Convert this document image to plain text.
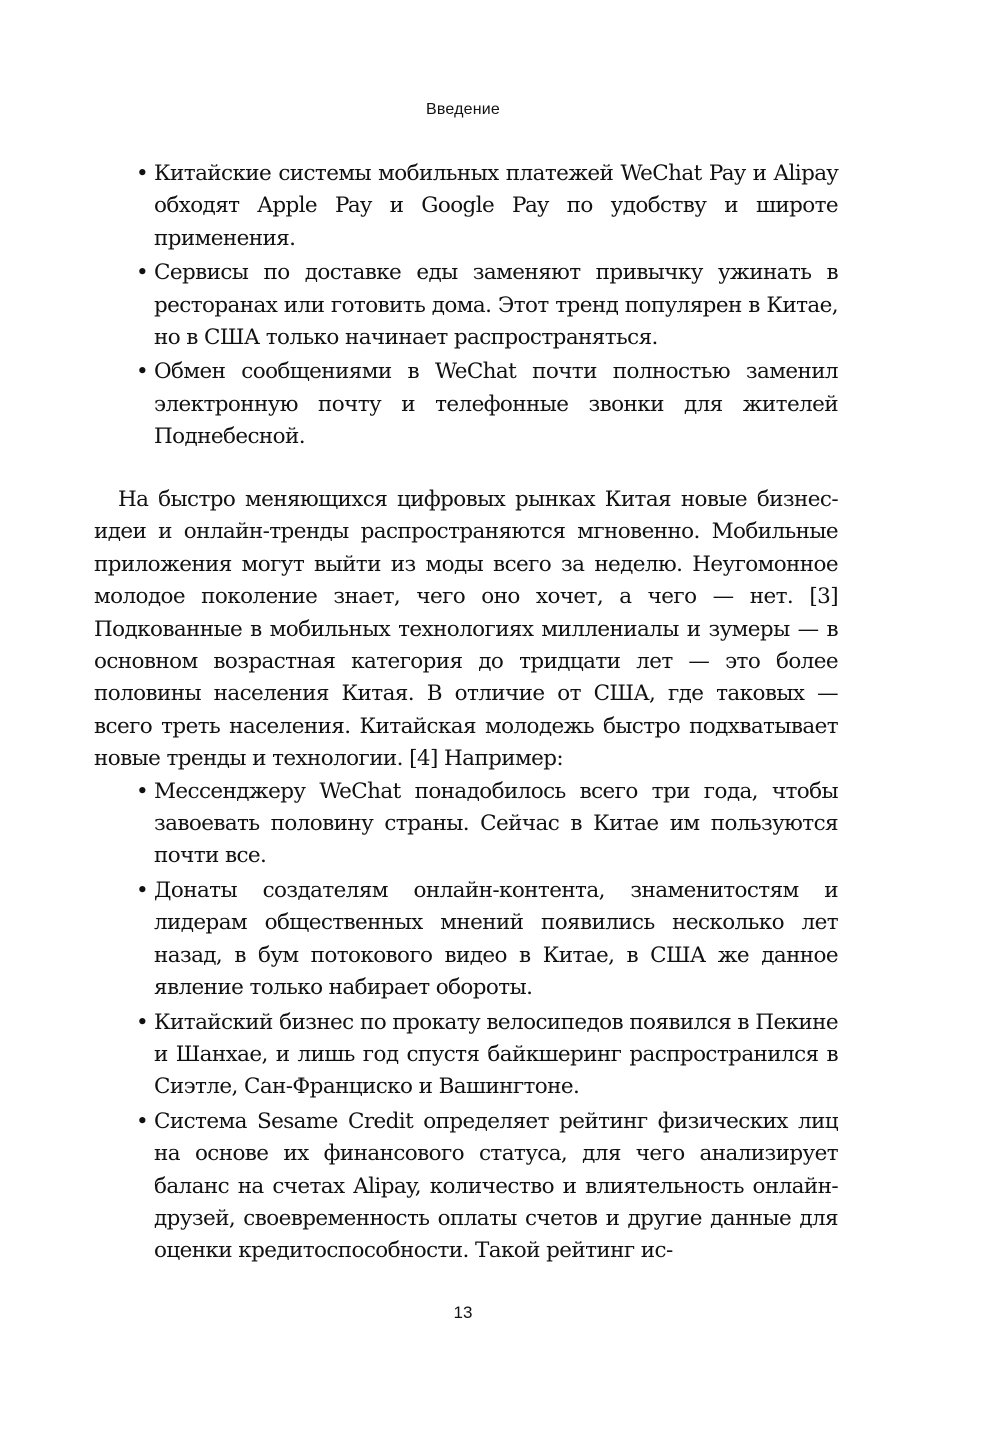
Введение
• Китайские системы мобильных платежей WeChat Pay и Alipay обходят Apple Pay и Google Pay по удобству и широте применения.
• Сервисы по доставке еды заменяют привычку ужинать в ресторанах или готовить дома. Этот тренд популярен в Китае, но в США только начинает распространяться.
• Обмен сообщениями в WeChat почти полностью заменил электронную почту и телефонные звонки для жителей Поднебесной.

На быстро меняющихся цифровых рынках Китая новые бизнес-идеи и онлайн-тренды распространяются мгновенно. Мобильные приложения могут выйти из моды всего за неделю. Неугомонное молодое поколение знает, чего оно хочет, а чего — нет. [3] Подкованные в мобильных технологиях миллениалы и зумеры — в основном возрастная категория до тридцати лет — это более половины населения Китая. В отличие от США, где таковых — всего треть населения. Китайская молодежь быстро подхватывает новые тренды и технологии. [4] Например:

• Мессенджеру WeChat понадобилось всего три года, чтобы завоевать половину страны. Сейчас в Китае им пользуются почти все.
• Донаты создателям онлайн-контента, знаменитостям и лидерам общественных мнений появились несколько лет назад, в бум потокового видео в Китае, в США же данное явление только набирает обороты.
• Китайский бизнес по прокату велосипедов появился в Пекине и Шанхае, и лишь год спустя байкшеринг распространился в Сиэтле, Сан-Франциско и Вашингтоне.
• Система Sesame Credit определяет рейтинг физических лиц на основе их финансового статуса, для чего анализирует баланс на счетах Alipay, количество и влиятельность онлайн-друзей, своевременность оплаты счетов и другие данные для оценки кредитоспособности. Такой рейтинг ис-
13
